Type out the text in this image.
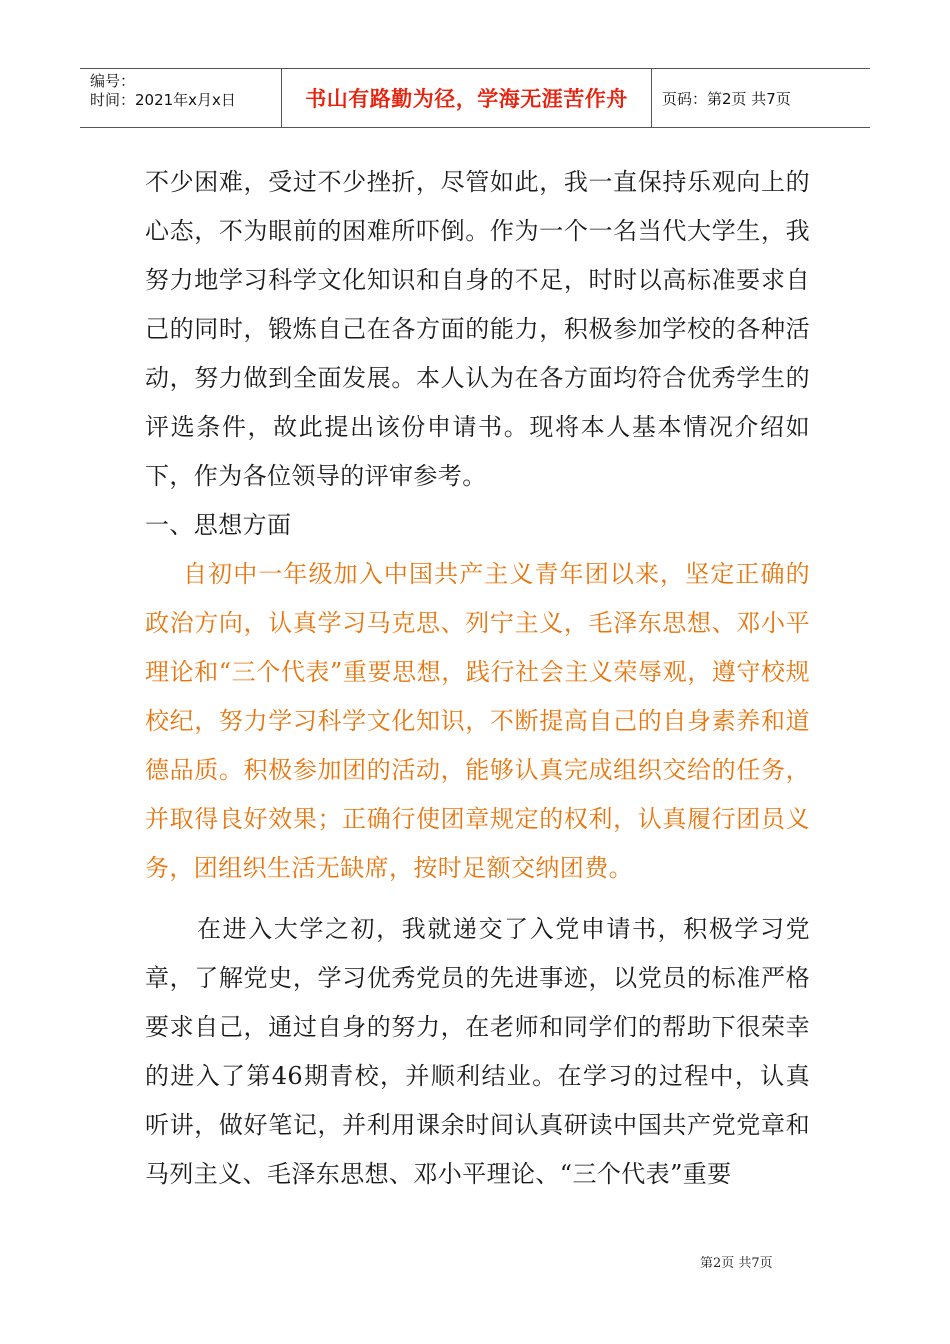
编号：
时间：2021年x月x日	书山有路勤为径，学海无涯苦作舟	页码：第2页 共7页

不少困难，受过不少挫折，尽管如此，我一直保持乐观向上的心态，不为眼前的困难所吓倒。作为一个一名当代大学生，我努力地学习科学文化知识和自身的不足，时时以高标准要求自己的同时，锻炼自己在各方面的能力，积极参加学校的各种活动，努力做到全面发展。本人认为在各方面均符合优秀学生的评选条件，故此提出该份申请书。现将本人基本情况介绍如下，作为各位领导的评审参考。

一、思想方面

自初中一年级加入中国共产主义青年团以来，坚定正确的政治方向，认真学习马克思、列宁主义，毛泽东思想、邓小平理论和“三个代表”重要思想，践行社会主义荣辱观，遵守校规校纪，努力学习科学文化知识，不断提高自己的自身素养和道德品质。积极参加团的活动，能够认真完成组织交给的任务，并取得良好效果；正确行使团章规定的权利，认真履行团员义务，团组织生活无缺席，按时足额交纳团费。

在进入大学之初，我就递交了入党申请书，积极学习党章，了解党史，学习优秀党员的先进事迹，以党员的标准严格要求自己，通过自身的努力，在老师和同学们的帮助下很荣幸的进入了第46期青校，并顺利结业。在学习的过程中，认真听讲，做好笔记，并利用课余时间认真研读中国共产党党章和马列主义、毛泽东思想、邓小平理论、“三个代表”重要

第2页 共7页
